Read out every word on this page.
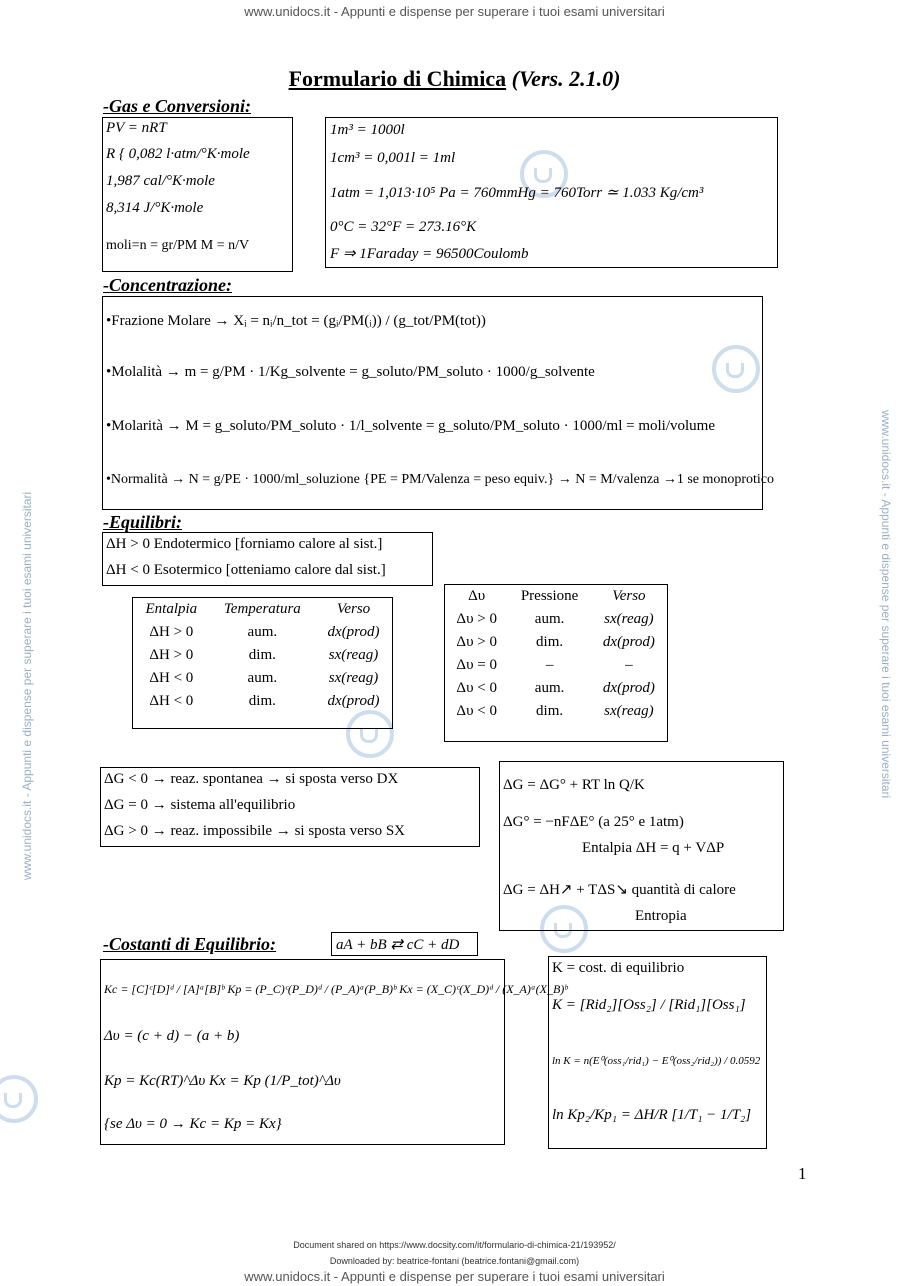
www.unidocs.it - Appunti e dispense per superare i tuoi esami universitari
www.unidocs.it - Appunti e dispense per superare i tuoi esami universitari
www.unidocs.it - Appunti e dispense per superare i tuoi esami universitari	www.unidocs.it - Appunti e dispense per superare i tuoi esami universitari
Formulario di Chimica (Vers. 2.1.0)
-Gas e Conversioni:
PV = nRT
R { 0,082 l·atm/°K·mole
1,987 cal/°K·mole
8,314 J/°K·mole
moli=n = gr/PM M = n/V
1m³ = 1000l
1cm³ = 0,001l = 1ml
1atm = 1,013·10⁵ Pa = 760mmHg = 760Torr ≃ 1.033 Kg/cm³
0°C = 32°F = 273.16°K
F ⇒ 1Faraday = 96500Coulomb
-Concentrazione:
•Frazione Molare → Xᵢ = nᵢ/n_tot = (gᵢ/PM(ᵢ)) / (g_tot/PM(tot))
•Molalità → m = g/PM · 1/Kg_solvente = g_soluto/PM_soluto · 1000/g_solvente
•Molarità → M = g_soluto/PM_soluto · 1/l_solvente = g_soluto/PM_soluto · 1000/ml = moli/volume
•Normalità → N = g/PE · 1000/ml_soluzione {PE = PM/Valenza = peso equiv.} → N = M/valenza →1 se monoprotico
-Equilibri:
ΔH > 0 Endotermico [forniamo calore al sist.]
ΔH < 0 Esotermico [otteniamo calore dal sist.]
Entalpia	Temperatura	Verso
ΔH > 0	aum.	dx(prod)
ΔH > 0	dim.	sx(reag)
ΔH < 0	aum.	sx(reag)
ΔH < 0	dim.	dx(prod)
Δυ	Pressione	Verso
Δυ > 0	aum.	sx(reag)
Δυ > 0	dim.	dx(prod)
Δυ = 0	–	–
Δυ < 0	aum.	dx(prod)
Δυ < 0	dim.	sx(reag)
ΔG < 0 → reaz. spontanea → si sposta verso DX
ΔG = 0 → sistema all'equilibrio
ΔG > 0 → reaz. impossibile → si sposta verso SX
ΔG = ΔG° + RT ln Q/K
ΔG° = −nFΔE° (a 25° e 1atm)
Entalpia ΔH = q + VΔP
ΔG = ΔH↗ + TΔS↘ quantità di calore
Entropia
-Costanti di Equilibrio:	aA + bB ⇄ cC + dD
Kc = [C]ᶜ[D]ᵈ / [A]ᵃ[B]ᵇ Kp = (P_C)ᶜ(P_D)ᵈ / (P_A)ᵃ(P_B)ᵇ Kx = (X_C)ᶜ(X_D)ᵈ / (X_A)ᵃ(X_B)ᵇ
Δυ = (c + d) − (a + b)
Kp = Kc(RT)^Δυ Kx = Kp (1/P_tot)^Δυ
{se Δυ = 0 → Kc = Kp = Kx}
K = cost. di equilibrio
K = [Rid₂][Oss₂] / [Rid₁][Oss₁]
ln K = n(E⁰(oss₁/rid₁) − E⁰(oss₂/rid₂)) / 0.0592
ln Kp₂/Kp₁ = ΔH/R [1/T₁ − 1/T₂]
1
Document shared on https://www.docsity.com/it/formulario-di-chimica-21/193952/
Downloaded by: beatrice-fontani (beatrice.fontani@gmail.com)
